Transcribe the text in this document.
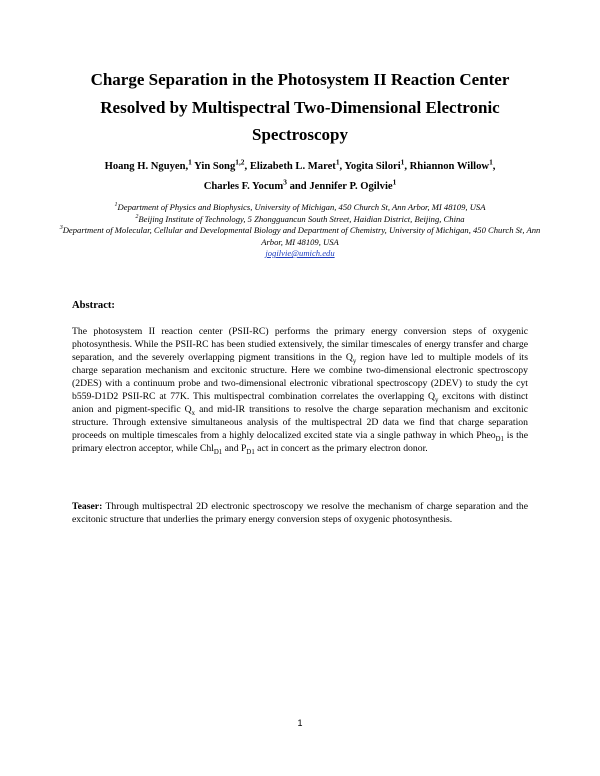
Charge Separation in the Photosystem II Reaction Center
Resolved by Multispectral Two-Dimensional Electronic
Spectroscopy
Hoang H. Nguyen,$^1$ Yin Song$^{1,2}$, Elizabeth L. Maret$^1$, Yogita Silori$^1$, Rhiannon Willow$^1$,
Charles F. Yocum$^3$ and Jennifer P. Ogilvie$^1$
$^1$Department of Physics and Biophysics, University of Michigan, 450 Church St, Ann Arbor, MI 48109, USA
$^2$Beijing Institute of Technology, 5 Zhongguancun South Street, Haidian District, Beijing, China
$^3$Department of Molecular, Cellular and Developmental Biology and Department of Chemistry, University of Michigan, 450 Church St, Ann Arbor, MI 48109, USA
jogilvie@umich.edu
Abstract:
The photosystem II reaction center (PSII-RC) performs the primary energy conversion steps of oxygenic photosynthesis. While the PSII-RC has been studied extensively, the similar timescales of energy transfer and charge separation, and the severely overlapping pigment transitions in the $Q_y$ region have led to multiple models of its charge separation mechanism and excitonic structure. Here we combine two-dimensional electronic spectroscopy (2DES) with a continuum probe and two-dimensional electronic vibrational spectroscopy (2DEV) to study the cyt b559-D1D2 PSII-RC at 77K. This multispectral combination correlates the overlapping $Q_y$ excitons with distinct anion and pigment-specific $Q_x$ and mid-IR transitions to resolve the charge separation mechanism and excitonic structure. Through extensive simultaneous analysis of the multispectral 2D data we find that charge separation proceeds on multiple timescales from a highly delocalized excited state via a single pathway in which Pheo$_{D1}$ is the primary electron acceptor, while Chl$_{D1}$ and $P_{D1}$ act in concert as the primary electron donor.
Teaser: Through multispectral 2D electronic spectroscopy we resolve the mechanism of charge separation and the excitonic structure that underlies the primary energy conversion steps of oxygenic photosynthesis.
1
